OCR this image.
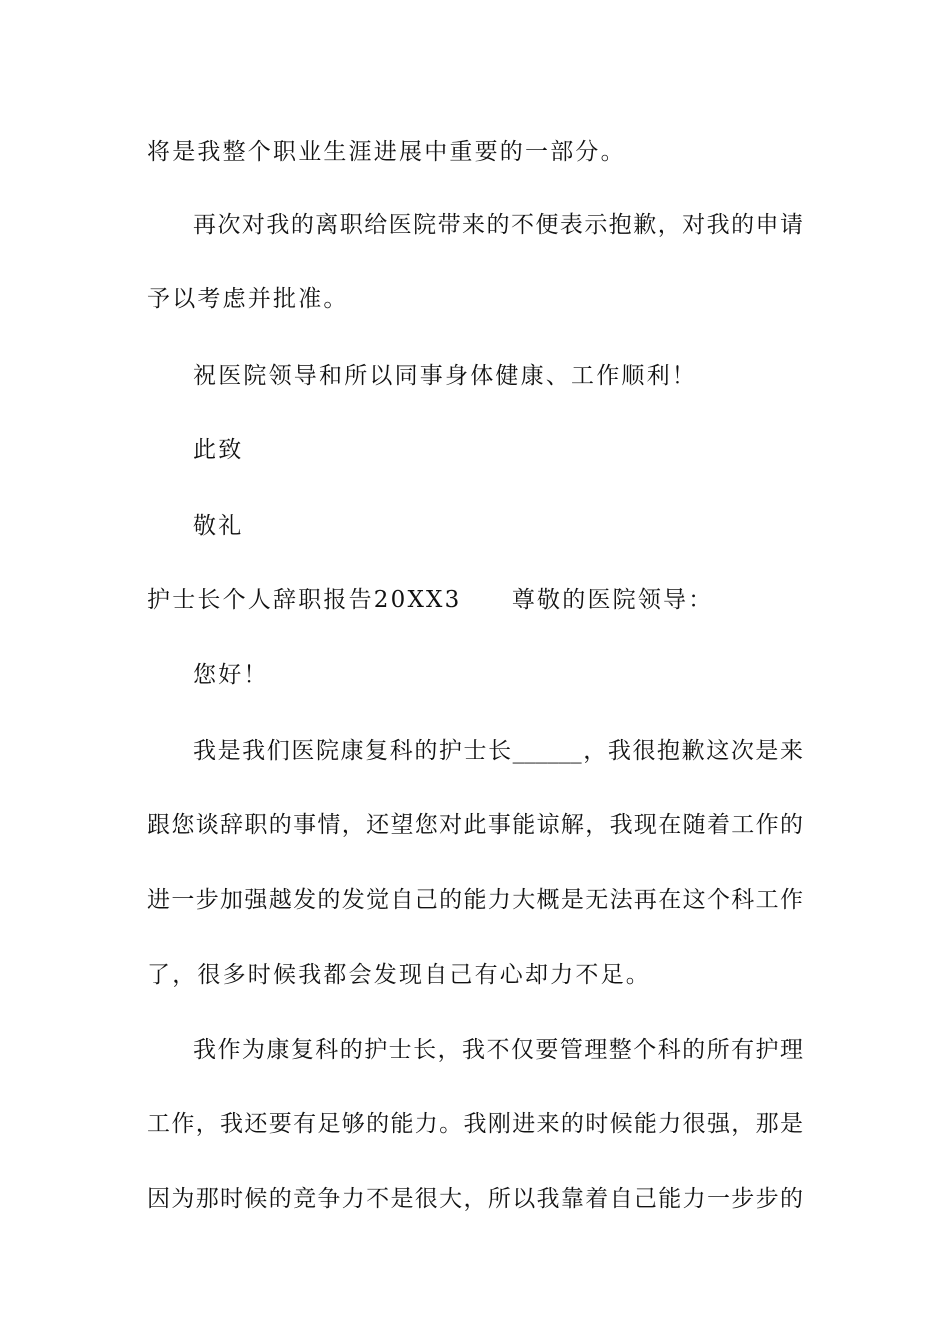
将是我整个职业生涯进展中重要的一部分。
再次对我的离职给医院带来的不便表示抱歉，对我的申请
予以考虑并批准。
祝医院领导和所以同事身体健康、工作顺利！
此致
敬礼
护士长个人辞职报告20XX3　　尊敬的医院领导：
您好！
我是我们医院康复科的护士长______，我很抱歉这次是来
跟您谈辞职的事情，还望您对此事能谅解，我现在随着工作的
进一步加强越发的发觉自己的能力大概是无法再在这个科工作
了，很多时候我都会发现自己有心却力不足。
我作为康复科的护士长，我不仅要管理整个科的所有护理
工作，我还要有足够的能力。我刚进来的时候能力很强，那是
因为那时候的竞争力不是很大，所以我靠着自己能力一步步的
